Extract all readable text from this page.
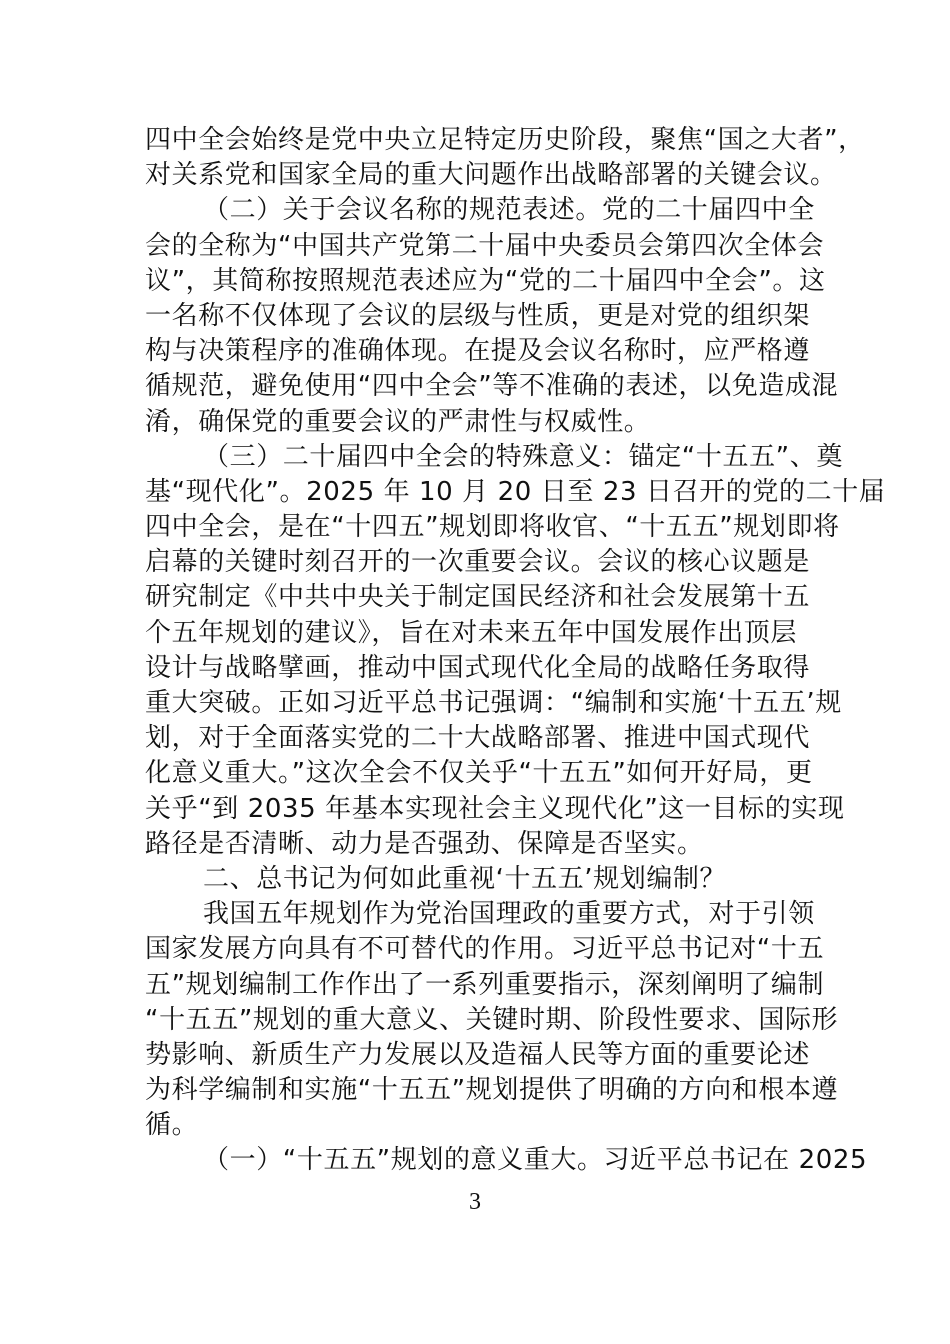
四中全会始终是党中央立足特定历史阶段，聚焦“国之大者”，
对关系党和国家全局的重大问题作出战略部署的关键会议。
（二）关于会议名称的规范表述。党的二十届四中全
会的全称为“中国共产党第二十届中央委员会第四次全体会
议”，其简称按照规范表述应为“党的二十届四中全会”。这
一名称不仅体现了会议的层级与性质，更是对党的组织架
构与决策程序的准确体现。在提及会议名称时，应严格遵
循规范，避免使用“四中全会”等不准确的表述，以免造成混
淆，确保党的重要会议的严肃性与权威性。
（三）二十届四中全会的特殊意义：锚定“十五五”、奠
基“现代化”。2025 年 10 月 20 日至 23 日召开的党的二十届
四中全会，是在“十四五”规划即将收官、“十五五”规划即将
启幕的关键时刻召开的一次重要会议。会议的核心议题是
研究制定《中共中央关于制定国民经济和社会发展第十五
个五年规划的建议》，旨在对未来五年中国发展作出顶层
设计与战略擘画，推动中国式现代化全局的战略任务取得
重大突破。正如习近平总书记强调：“编制和实施‘十五五’规
划，对于全面落实党的二十大战略部署、推进中国式现代
化意义重大。”这次全会不仅关乎“十五五”如何开好局，更
关乎“到 2035 年基本实现社会主义现代化”这一目标的实现
路径是否清晰、动力是否强劲、保障是否坚实。
二、总书记为何如此重视‘十五五’规划编制？
我国五年规划作为党治国理政的重要方式，对于引领
国家发展方向具有不可替代的作用。习近平总书记对“十五
五”规划编制工作作出了一系列重要指示，深刻阐明了编制
“十五五”规划的重大意义、关键时期、阶段性要求、国际形
势影响、新质生产力发展以及造福人民等方面的重要论述
为科学编制和实施“十五五”规划提供了明确的方向和根本遵
循。
（一）“十五五”规划的意义重大。习近平总书记在 2025
3
